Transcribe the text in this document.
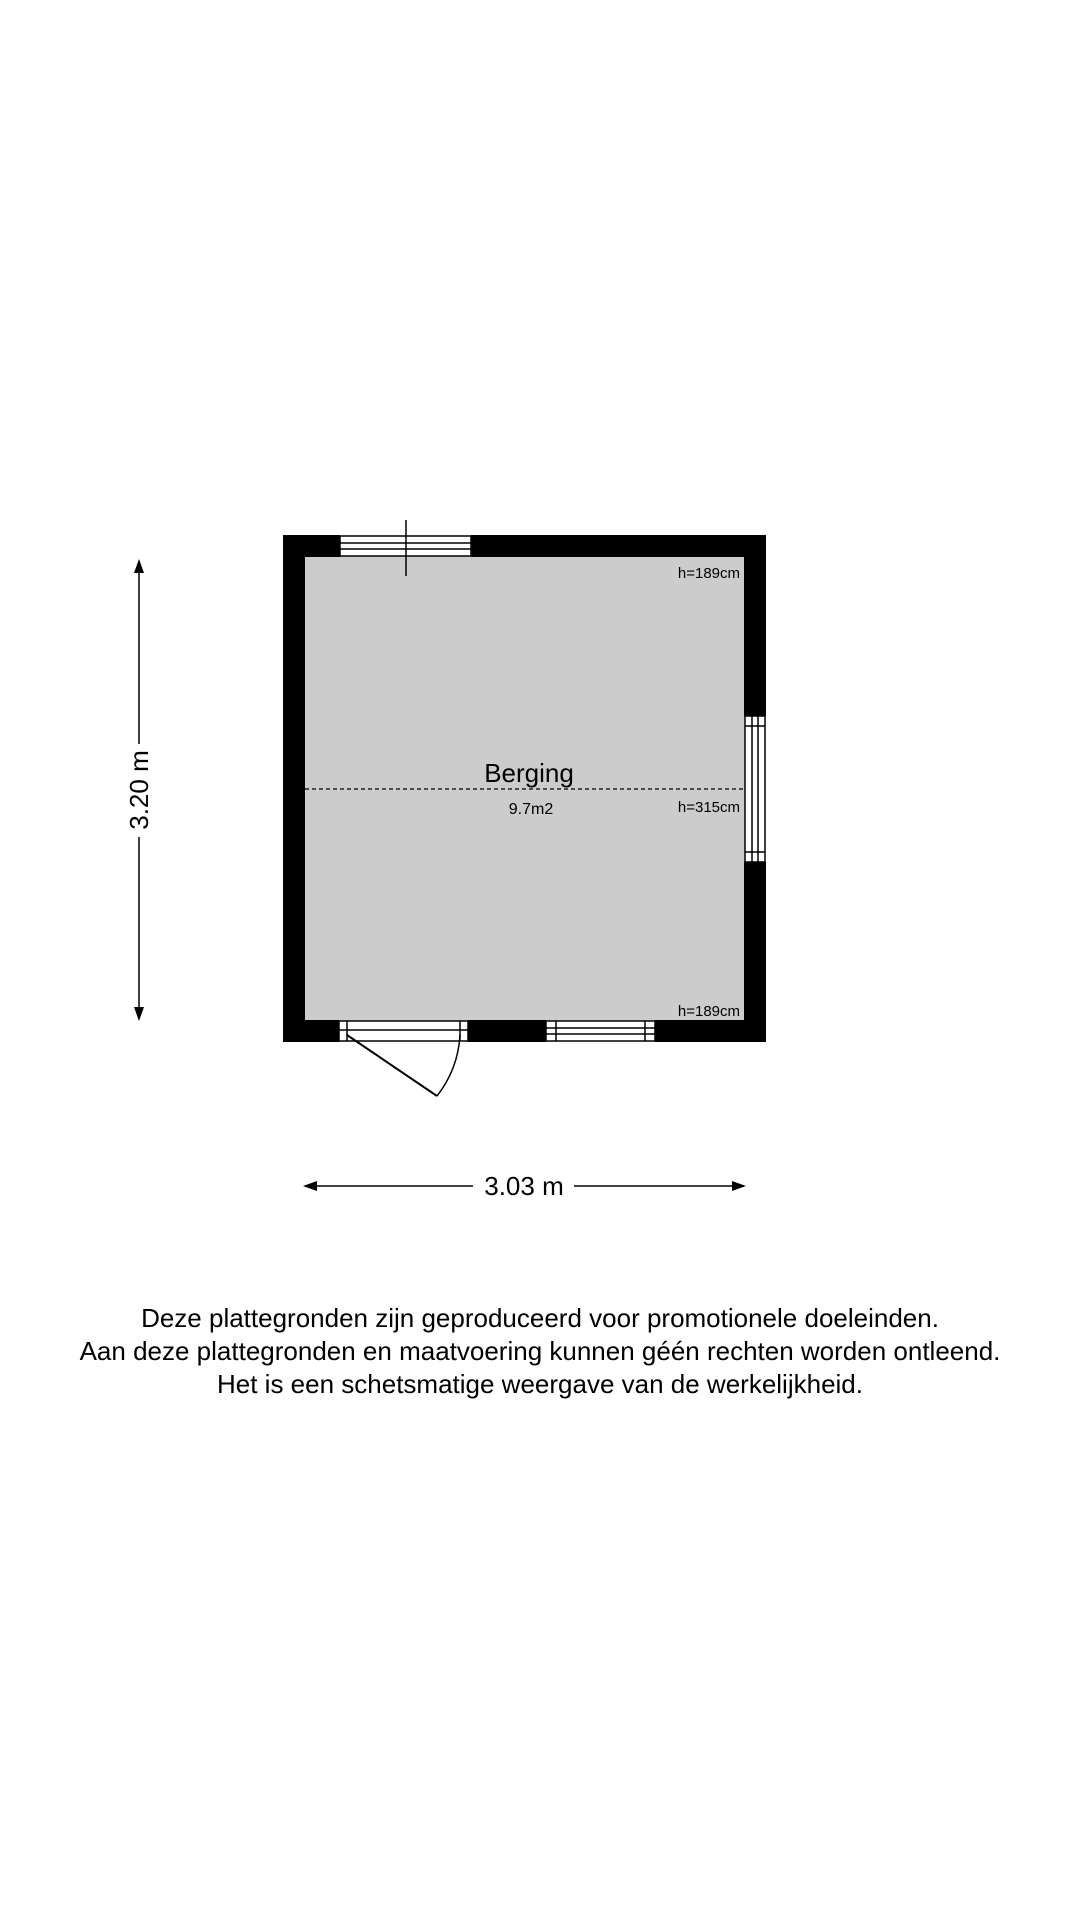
Berging
9.7m2
h=189cm
h=315cm
h=189cm
3.20 m
3.03 m
Deze plattegronden zijn geproduceerd voor promotionele doeleinden.
Aan deze plattegronden en maatvoering kunnen géén rechten worden ontleend.
Het is een schetsmatige weergave van de werkelijkheid.
